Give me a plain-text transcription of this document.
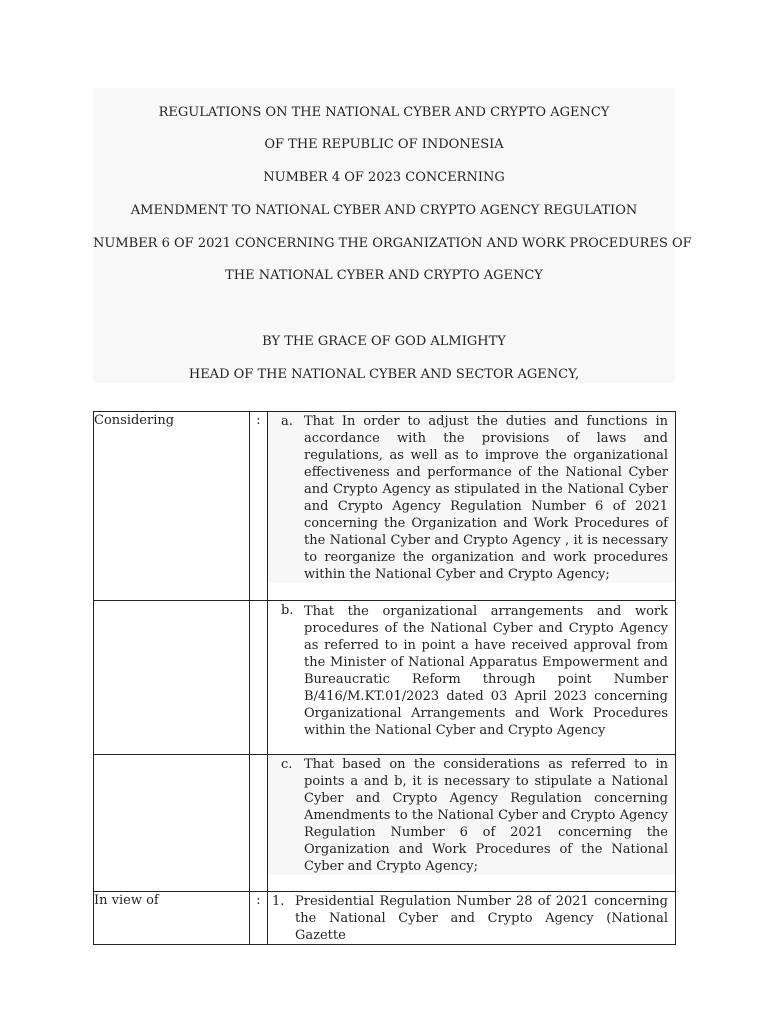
REGULATIONS ON THE NATIONAL CYBER AND CRYPTO AGENCY
OF THE REPUBLIC OF INDONESIA
NUMBER 4 OF 2023 CONCERNING
AMENDMENT TO NATIONAL CYBER AND CRYPTO AGENCY REGULATION
NUMBER 6 OF 2021 CONCERNING THE ORGANIZATION AND WORK PROCEDURES OF
THE NATIONAL CYBER AND CRYPTO AGENCY
BY THE GRACE OF GOD ALMIGHTY
HEAD OF THE NATIONAL CYBER AND SECTOR AGENCY,
Considering	:	a. That In order to adjust the duties and functions in accordance with the provisions of laws and regulations, as well as to improve the organizational effectiveness and performance of the National Cyber and Crypto Agency as stipulated in the National Cyber and Crypto Agency Regulation Number 6 of 2021 concerning the Organization and Work Procedures of the National Cyber and Crypto Agency , it is necessary to reorganize the organization and work procedures within the National Cyber and Crypto Agency;

		b. That the organizational arrangements and work procedures of the National Cyber and Crypto Agency as referred to in point a have received approval from the Minister of National Apparatus Empowerment and Bureaucratic Reform through point Number B/416/M.KT.01/2023 dated 03 April 2023 concerning Organizational Arrangements and Work Procedures within the National Cyber and Crypto Agency

		c. That based on the considerations as referred to in points a and b, it is necessary to stipulate a National Cyber and Crypto Agency Regulation concerning Amendments to the National Cyber and Crypto Agency Regulation Number 6 of 2021 concerning the Organization and Work Procedures of the National Cyber and Crypto Agency;

In view of	:	1. Presidential Regulation Number 28 of 2021 concerning the National Cyber and Crypto Agency (National Gazette
